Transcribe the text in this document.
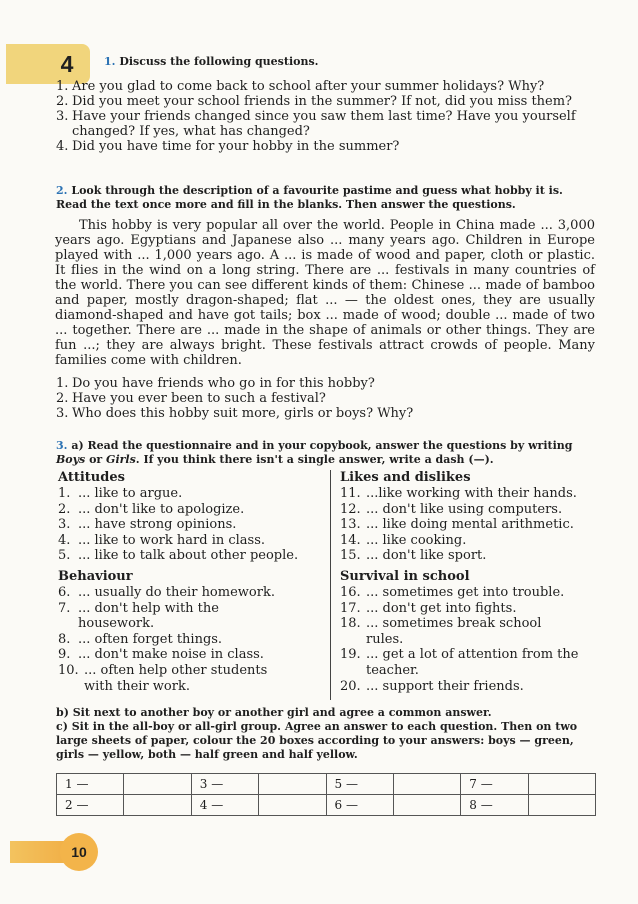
4	1. Discuss the following questions.
1. Are you glad to come back to school after your summer holidays? Why?
2. Did you meet your school friends in the summer? If not, did you miss them?
3. Have your friends changed since you saw them last time? Have you yourself changed? If yes, what has changed?
4. Did you have time for your hobby in the summer?
2. Look through the description of a favourite pastime and guess what hobby it is. Read the text once more and fill in the blanks. Then answer the questions.

This hobby is very popular all over the world. People in China made ... 3,000 years ago. Egyptians and Japanese also ... many years ago. Children in Europe played with ... 1,000 years ago. A ... is made of wood and paper, cloth or plastic. It flies in the wind on a long string. There are ... festivals in many countries of the world. There you can see different kinds of them: Chinese ... made of bamboo and paper, mostly dragon-shaped; flat ... — the oldest ones, they are usually diamond-shaped and have got tails; box ... made of wood; double ... made of two ... together. There are ... made in the shape of animals or other things. They are fun ...; they are always bright. These festivals attract crowds of people. Many families come with children.

1. Do you have friends who go in for this hobby?
2. Have you ever been to such a festival?
3. Who does this hobby suit more, girls or boys? Why?
3. a) Read the questionnaire and in your copybook, answer the questions by writing Boys or Girls. If you think there isn't a single answer, write a dash (—).
Attitudes
1. ... like to argue.
2. ... don't like to apologize.
3. ... have strong opinions.
4. ... like to work hard in class.
5. ... like to talk about other people.
Behaviour
6. ... usually do their homework.
7. ... don't help with the housework.
8. ... often forget things.
9. ... don't make noise in class.
10. ... often help other students with their work.
Likes and dislikes
11. ...like working with their hands.
12. ... don't like using computers.
13. ... like doing mental arithmetic.
14. ... like cooking.
15. ... don't like sport.
Survival in school
16. ... sometimes get into trouble.
17. ... don't get into fights.
18. ... sometimes break school rules.
19. ... get a lot of attention from the teacher.
20. ... support their friends.
b) Sit next to another boy or another girl and agree a common answer.
c) Sit in the all-boy or all-girl group. Agree an answer to each question. Then on two large sheets of paper, colour the 20 boxes according to your answers: boys — green, girls — yellow, both — half green and half yellow.
1 —		3 —		5 —		7 —	
2 —		4 —		6 —		8 —	
10
